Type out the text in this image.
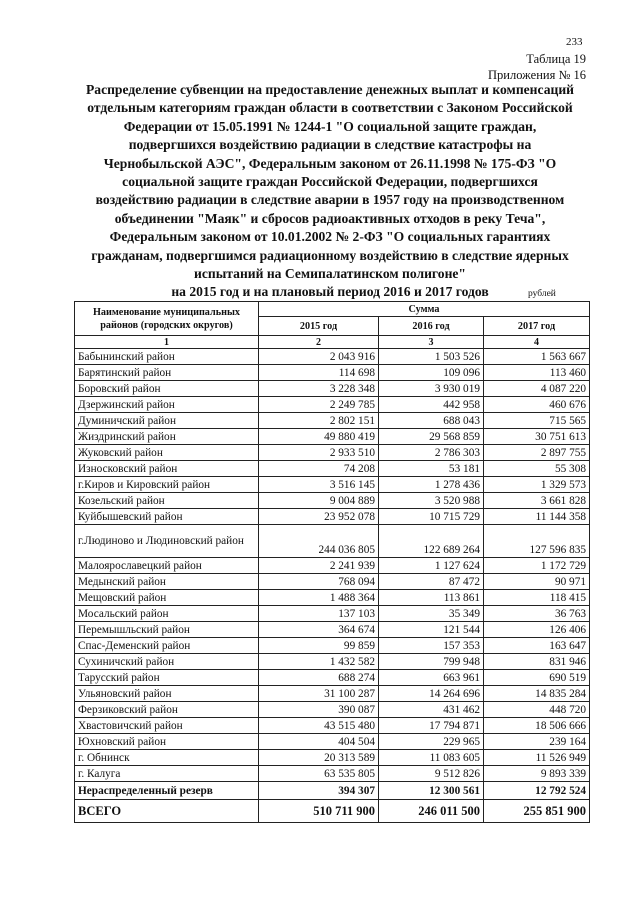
233
Таблица 19
Приложения № 16
Распределение субвенции на предоставление денежных выплат и компенсаций
отдельным категориям граждан области в соответствии с Законом Российской
Федерации от 15.05.1991 № 1244-1 "О социальной защите граждан,
подвергшихся воздействию радиации в следствие катастрофы на
Чернобыльской АЭС", Федеральным законом от 26.11.1998 № 175-ФЗ "О
социальной защите граждан Российской Федерации, подвергшихся
воздействию радиации в следствие аварии в 1957 году на производственном
объединении "Маяк" и сбросов радиоактивных отходов в реку Теча",
Федеральным законом от 10.01.2002 № 2-ФЗ "О социальных гарантиях
гражданам, подвергшимся радиационному воздействию в следствие ядерных
испытаний на Семипалатинском полигоне"
на 2015 год и на плановый период 2016 и 2017 годов	рублей
Наименование муниципальных
районов (городских округов)	Сумма		
	2015 год	2016 год	2017 год
1	2	3	4
Бабынинский район	2 043 916	1 503 526	1 563 667
Барятинский район	114 698	109 096	113 460
Боровский район	3 228 348	3 930 019	4 087 220
Дзержинский район	2 249 785	442 958	460 676
Думиничский район	2 802 151	688 043	715 565
Жиздринский район	49 880 419	29 568 859	30 751 613
Жуковский район	2 933 510	2 786 303	2 897 755
Износковский район	74 208	53 181	55 308
г.Киров и Кировский район	3 516 145	1 278 436	1 329 573
Козельский район	9 004 889	3 520 988	3 661 828
Куйбышевский район	23 952 078	10 715 729	11 144 358
г.Людиново и Людиновский район	244 036 805	122 689 264	127 596 835
Малоярославецкий район	2 241 939	1 127 624	1 172 729
Медынский район	768 094	87 472	90 971
Мещовский район	1 488 364	113 861	118 415
Мосальский район	137 103	35 349	36 763
Перемышльский район	364 674	121 544	126 406
Спас-Деменский район	99 859	157 353	163 647
Сухиничский район	1 432 582	799 948	831 946
Тарусский район	688 274	663 961	690 519
Ульяновский район	31 100 287	14 264 696	14 835 284
Ферзиковский район	390 087	431 462	448 720
Хвастовичский район	43 515 480	17 794 871	18 506 666
Юхновский район	404 504	229 965	239 164
г. Обнинск	20 313 589	11 083 605	11 526 949
г. Калуга	63 535 805	9 512 826	9 893 339
Нераспределенный резерв	394 307	12 300 561	12 792 524
ВСЕГО	510 711 900	246 011 500	255 851 900
